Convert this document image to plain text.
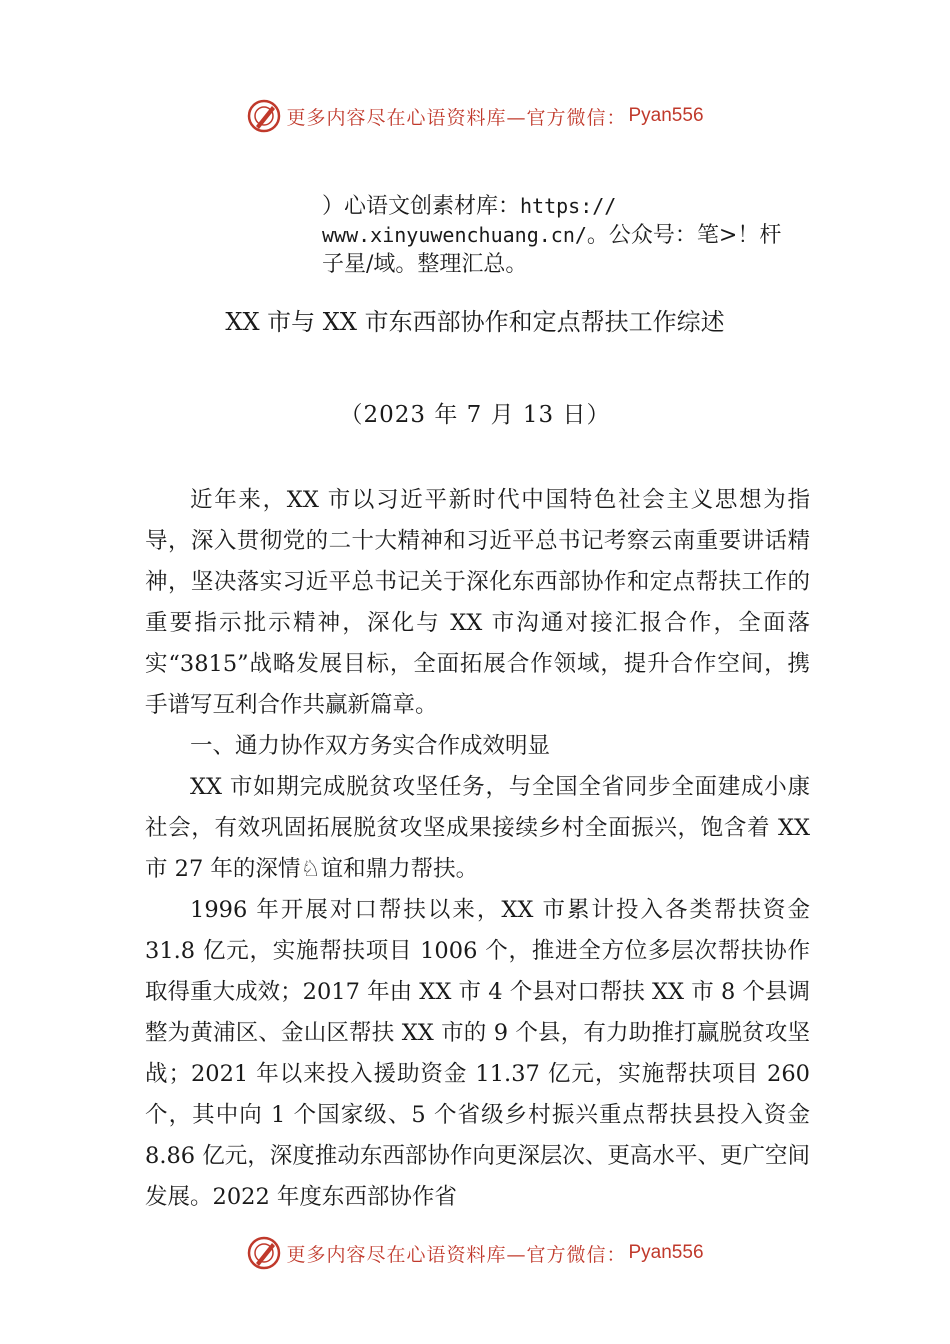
更多内容尽在心语资料库—官方微信： Pyan556
）心语文创素材库：https://
www.xinyuwenchuang.cn/。公众号：笔>！杆
子星/域。整理汇总。
XX 市与 XX 市东西部协作和定点帮扶工作综述
（2023 年 7 月 13 日）

近年来，XX 市以习近平新时代中国特色社会主义思想为指导，深入贯彻党的二十大精神和习近平总书记考察云南重要讲话精神，坚决落实习近平总书记关于深化东西部协作和定点帮扶工作的重要指示批示精神，深化与 XX 市沟通对接汇报合作，全面落实“3815”战略发展目标，全面拓展合作领域，提升合作空间，携手谱写互利合作共赢新篇章。

一、通力协作双方务实合作成效明显

XX 市如期完成脱贫攻坚任务，与全国全省同步全面建成小康社会，有效巩固拓展脱贫攻坚成果接续乡村全面振兴，饱含着 XX 市 27 年的深情♘谊和鼎力帮扶。

1996 年开展对口帮扶以来，XX 市累计投入各类帮扶资金 31.8 亿元，实施帮扶项目 1006 个，推进全方位多层次帮扶协作取得重大成效；2017 年由 XX 市 4 个县对口帮扶 XX 市 8 个县调整为黄浦区、金山区帮扶 XX 市的 9 个县，有力助推打赢脱贫攻坚战；2021 年以来投入援助资金 11.37 亿元，实施帮扶项目 260 个，其中向 1 个国家级、5 个省级乡村振兴重点帮扶县投入资金 8.86 亿元，深度推动东西部协作向更深层次、更高水平、更广空间发展。2022 年度东西部协作省

更多内容尽在心语资料库—官方微信： Pyan556
